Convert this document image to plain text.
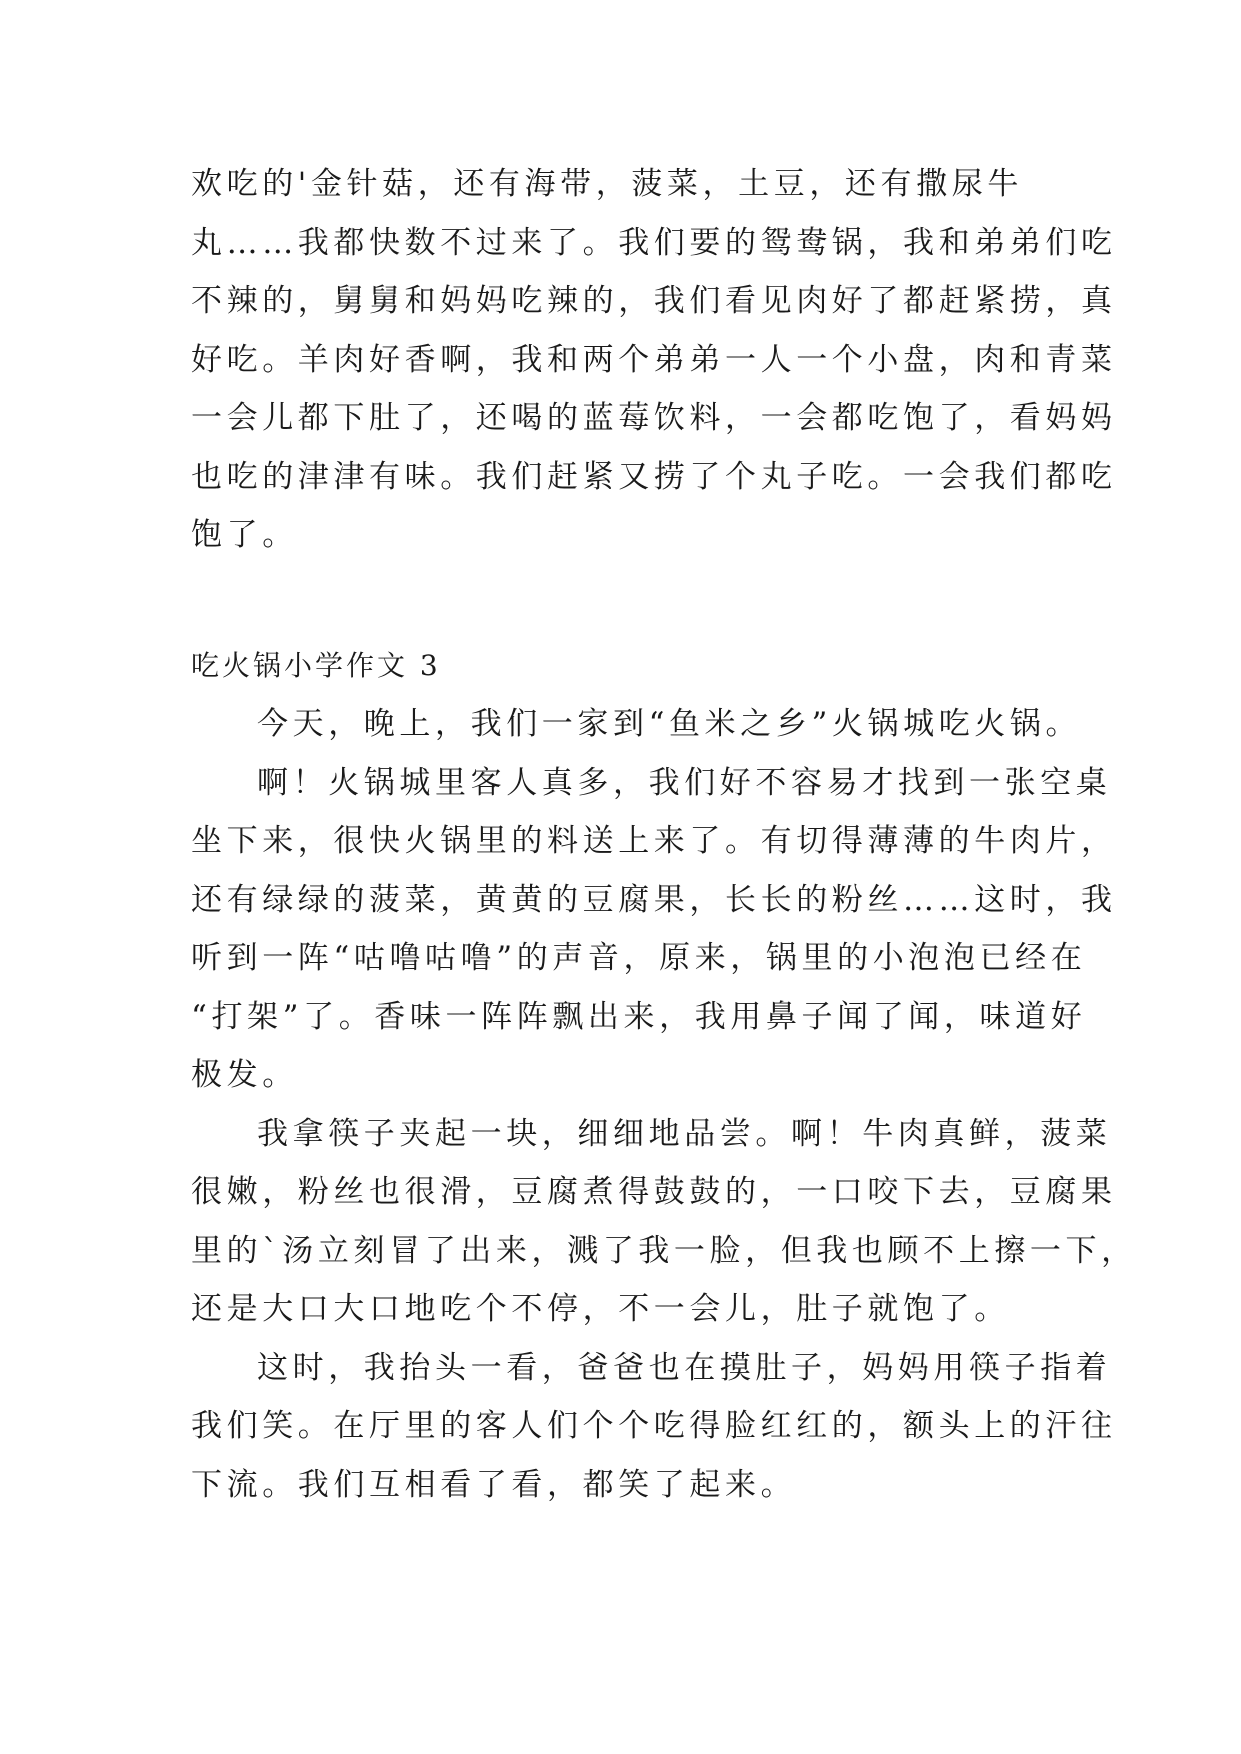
欢吃的'金针菇，还有海带，菠菜，土豆，还有撒尿牛
丸……我都快数不过来了。我们要的鸳鸯锅，我和弟弟们吃
不辣的，舅舅和妈妈吃辣的，我们看见肉好了都赶紧捞，真
好吃。羊肉好香啊，我和两个弟弟一人一个小盘，肉和青菜
一会儿都下肚了，还喝的蓝莓饮料，一会都吃饱了，看妈妈
也吃的津津有味。我们赶紧又捞了个丸子吃。一会我们都吃
饱了。
吃火锅小学作文 3
今天，晚上，我们一家到“鱼米之乡”火锅城吃火锅。
啊！火锅城里客人真多，我们好不容易才找到一张空桌
坐下来，很快火锅里的料送上来了。有切得薄薄的牛肉片，
还有绿绿的菠菜，黄黄的豆腐果，长长的粉丝……这时，我
听到一阵“咕噜咕噜”的声音，原来，锅里的小泡泡已经在
“打架”了。香味一阵阵飘出来，我用鼻子闻了闻，味道好
极发。
我拿筷子夹起一块，细细地品尝。啊！牛肉真鲜，菠菜
很嫩，粉丝也很滑，豆腐煮得鼓鼓的，一口咬下去，豆腐果
里的`汤立刻冒了出来，溅了我一脸，但我也顾不上擦一下，
还是大口大口地吃个不停，不一会儿，肚子就饱了。
这时，我抬头一看，爸爸也在摸肚子，妈妈用筷子指着
我们笑。在厅里的客人们个个吃得脸红红的，额头上的汗往
下流。我们互相看了看，都笑了起来。
